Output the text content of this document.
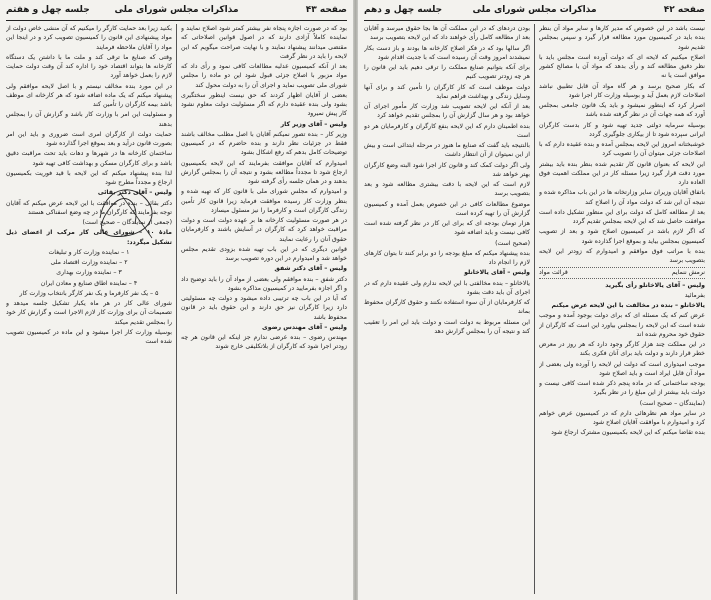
صفحه ۴۳
مذاکرات مجلس شورای ملی
جلسه چهل و هفتم

بود که در صورت اجازه پنجاه نفر بیشتر کمتر شود اصلاح نمایند و نماینده کاملاً آزادی دارند که در اصول قوانین اصلاحاتی که مقتضی میدانند پیشنهاد نمایند و با نهایت صراحت میگویم که این لایحه را باید در نظر گرفت

بعد از آنکه کمیسیون عدلیه مطالعات کافی نمود و رأی داد که مواد مزبور با اصلاح جزئی قبول شود این دو ماده را مجلس شورای ملی تصویب نماید و اجرای آن را به دولت محول کند

بعضی از آقایان اظهار کردند که حق نیست اینطور سختگیری بشود ولی بنده عقیده دارم که اگر مسئولیت دولت معلوم نشود کار پیش نمیرود

ولیس – آقای وزیر کار

وزیر کار – بنده تصور نمیکنم آقایان با اصل مطلب مخالف باشند فقط در جزئیات نظر دارند و بنده حاضرم که در کمیسیون توضیحات کامل بدهم که رفع اشکال بشود

امیدوارم که آقایان موافقت بفرمایند که این لایحه بکمیسیون ارجاع شود تا مجدداً مطالعه بشود و نتیجه آن را بمجلس گزارش بدهند و در همان جلسه رأی گرفته شود

و امیدوارم که مجلس شورای ملی با قانون کار که تهیه شده و بنظر وزارت کار رسیده موافقت فرماید زیرا قانون کار تأمین زندگی کارگران است و کارفرما را نیز مسئول میسازد

در هر صورت مسئولیت کارخانه ها بر عهده دولت است و دولت مراقبت خواهد کرد که کارگران در آسایش باشند و کارفرمایان حقوق آنان را رعایت نمایند

قوانین دیگری که در این باب تهیه شده بزودی تقدیم مجلس خواهد شد و امیدوارم در این دوره تصویب برسد

ولیس – آقای دکتر شفق

دکتر شفق – بنده موافقم ولی بعضی از مواد آن را باید توضیح داد و اگر اجازه بفرمایید در کمیسیون مذاکره بشود

که آیا در این باب چه ترتیبی داده میشود و دولت چه مسئولیتی دارد زیرا کارگران نیز حق دارند و این حقوق باید در قانون محفوظ باشد

ولیس – آقای مهندس رضوی

مهندس رضوی – بنده عرضی ندارم جز اینکه این قانون هر چه زودتر اجرا شود که کارگران از بلاتکلیفی خارج شوند

بکنید زیرا بعد حمایت کارگر را میکنیم که آن منشی خاص دولت از مواد پیشنهادی این قانون را کمیسیون تصویب کرد و در اینجا این مواد را آقایان ملاحظه فرمایند

وقتی که صنایع ما ترقی کند و ملت ما با داشتن یک دستگاه کارخانه ها بتواند اقتصاد خود را اداره کند آن وقت دولت حمایت لازم را بعمل خواهد آورد

در این مورد بنده مخالف نیستم و با اصل لایحه موافقم ولی پیشنهاد میکنم که یک ماده اضافه شود که هر کارخانه ای موظف باشد بیمه کارگران را تأمین کند

و مسئولیت این امر با وزارت کار باشد و گزارش آن را بمجلس بدهند

حمایت دولت از کارگران امری است ضروری و باید این امر بصورت قانون درآید و بعد بموقع اجرا گذارده شود

ساختمان کارخانه ها در شهرها و دهات باید تحت مراقبت دقیق باشد و برای کارگران مسکن و بهداشت کافی تهیه شود

لذا بنده پیشنهاد میکنم که این لایحه با قید فوریت بکمیسیون ارجاع و مجدداً مطرح شود

ولیس – آقای دکتر بقائی

دکتر بقائی – بنده در موافقت با این لایحه عرض میکنم که آقایان توجه بفرمایند که کارگران ما در چه وضع اسفناکی هستند

(جمعی از نمایندگان – صحیح است)

مادهٔ ۱۰ – شورای عالی کار مرکب از اعضای ذیل تشکیل میگردد:

۱ – نماینده وزارت کار و تبلیغات

۲ – نماینده وزارت اقتصاد ملی

۳ – نماینده وزارت بهداری

۴ – نماینده اطاق صنایع و معادن ایران

۵ – یک نفر کارفرما و یک نفر کارگر بانتخاب وزارت کار

شورای عالی کار در هر ماه یکبار تشکیل جلسه میدهد و تصمیمات آن برای وزارت کار لازم الاجرا است و گزارش کار خود را بمجلس تقدیم میکند

بوسیله وزارت کار اجرا میشود و این ماده در کمیسیون تصویب شده است

صفحه ۴۲
مذاکرات مجلس شورای ملی
جلسه چهل و دهم

نیست باشد در این خصوص که مدیر کارها و سایر مواد آن بنظر بنده باید در کمیسیون مورد مطالعه قرار گیرد و سپس بمجلس تقدیم شود

اصلاح میکنیم که لایحه ای که دولت آورده است مجلس باید با نظر دقیق مطالعه کند و رأی بدهد که مواد آن با مصالح کشور موافق است یا نه

که بکار صحیح برسد و هر گاه مواد آن قابل تطبیق نباشد اصلاحات لازم بعمل آید و بوسیله وزارت کار اجرا شود

اصرار کرد که اینطور نمیشود و باید یک قانون جامعی بمجلس آورد که همه جهات آن در نظر گرفته شده باشد

بوسیله سرمایه دولتی جدید تهیه شود و کار بدست کارگران ایرانی سپرده شود تا از بیکاری جلوگیری گردد

خوشبختانه امروز این لایحه بمجلس آمده و بنده عقیده دارم که با اصلاحات جزئی میتوان آن را تصویب کرد

این لایحه که بعنوان قانون کار تقدیم شده بنظر بنده باید بیشتر مورد دقت قرار گیرد زیرا مسئله کار در این مملکت اهمیت فوق العاده دارد

باتفاق آقایان وزیران سایر وزارتخانه ها در این باب مذاکره شده و نتیجه آن این شد که دولت مواد آن را اصلاح کند

بعد از مطالعه کامل که دولت برای این منظور تشکیل داده است موافقت حاصل شد که این لایحه بمجلس تقدیم گردد

که اگر لازم باشد در کمیسیون اصلاح شود و بعد از تصویب کمیسیون بمجلس بیاید و بموقع اجرا گذارده شود

بنده با مراتب فوق موافقم و امیدوارم که زودتر این لایحه بتصویب برسد

نرمش ننمایم
قرائت مواد

ولیس – آقای یالاخانلو رأی بگیرید

بفرمائید

یالاخانلو – بنده در مخالفت با این لایحه عرض میکنم

عرض کنم که یک مسئله ای که برای دولت بوجود آمده و موجب شده است که این لایحه را بمجلس بیاورد این است که کارگران از حقوق خود محروم شده اند

در این مملکت چند هزار کارگر وجود دارد که هر روز در معرض خطر قرار دارند و دولت باید برای آنان فکری بکند

موجب امیدواری است که دولت این لایحه را آورده ولی بعضی از مواد آن قابل ایراد است و باید اصلاح شود

بودجه ساختمانی که در ماده پنجم ذکر شده است کافی نیست و دولت باید بیشتر از این مبلغ را در نظر بگیرد

(نمایندگان – صحیح است)

در سایر مواد هم نظرهائی دارم که در کمیسیون عرض خواهم کرد و امیدوارم با موافقت آقایان اصلاح شود

بنده تقاضا میکنم که این لایحه بکمیسیون مشترک ارجاع شود

بودن دردهای که در این مملکت آن ها بجا حقوق میرسد و آقایان بعد از مطالعه کامل رأی خواهند داد که این لایحه بتصویب برسد

اگر سالها بود که در فکر اصلاح کارخانه ها بودند و باز دست بکار نمیشدند امروز وقت آن رسیده است که با جدیت اقدام شود

برای آنکه بتوانیم صنایع مملکت را ترقی دهیم باید این قانون را هر چه زودتر تصویب کنیم

دولت موظف است که کار کارگران را تأمین کند و برای آنها وسایل زندگی و بهداشت فراهم نماید

بعد از آنکه این لایحه تصویب شد وزارت کار مأمور اجرای آن خواهد بود و هر سال گزارش آن را بمجلس تقدیم خواهد کرد

بنده اطمینان دارم که این لایحه بنفع کارگران و کارفرمایان هر دو است

بالنتیجه باید گفت که صنایع ما هنوز در مرحله ابتدائی است و بیش از این نمیتوان از آن انتظار داشت

ولی اگر دولت کمک کند و قانون کار اجرا شود البته وضع کارگران بهتر خواهد شد

لازم است که این لایحه با دقت بیشتری مطالعه شود و بعد بتصویب برسد

موضوع مطالعات کافی در این خصوص بعمل آمده و کمیسیون گزارش آن را تهیه کرده است

هزار تومان بودجه ای که برای این کار در نظر گرفته شده است کافی نیست و باید اضافه شود

(صحیح است)

بنده پیشنهاد میکنم که مبلغ بودجه را دو برابر کنند تا بتوان کارهای لازم را انجام داد

ولیس – آقای یالاخانلو

یالاخانلو – بنده مخالفتی با این لایحه ندارم ولی عقیده دارم که در اجرای آن باید دقت بشود

که کارفرمایان از آن سوء استفاده نکنند و حقوق کارگران محفوظ بماند

این مسئله مربوط به دولت است و دولت باید این امر را تعقیب کند و نتیجه آن را بمجلس گزارش دهد
